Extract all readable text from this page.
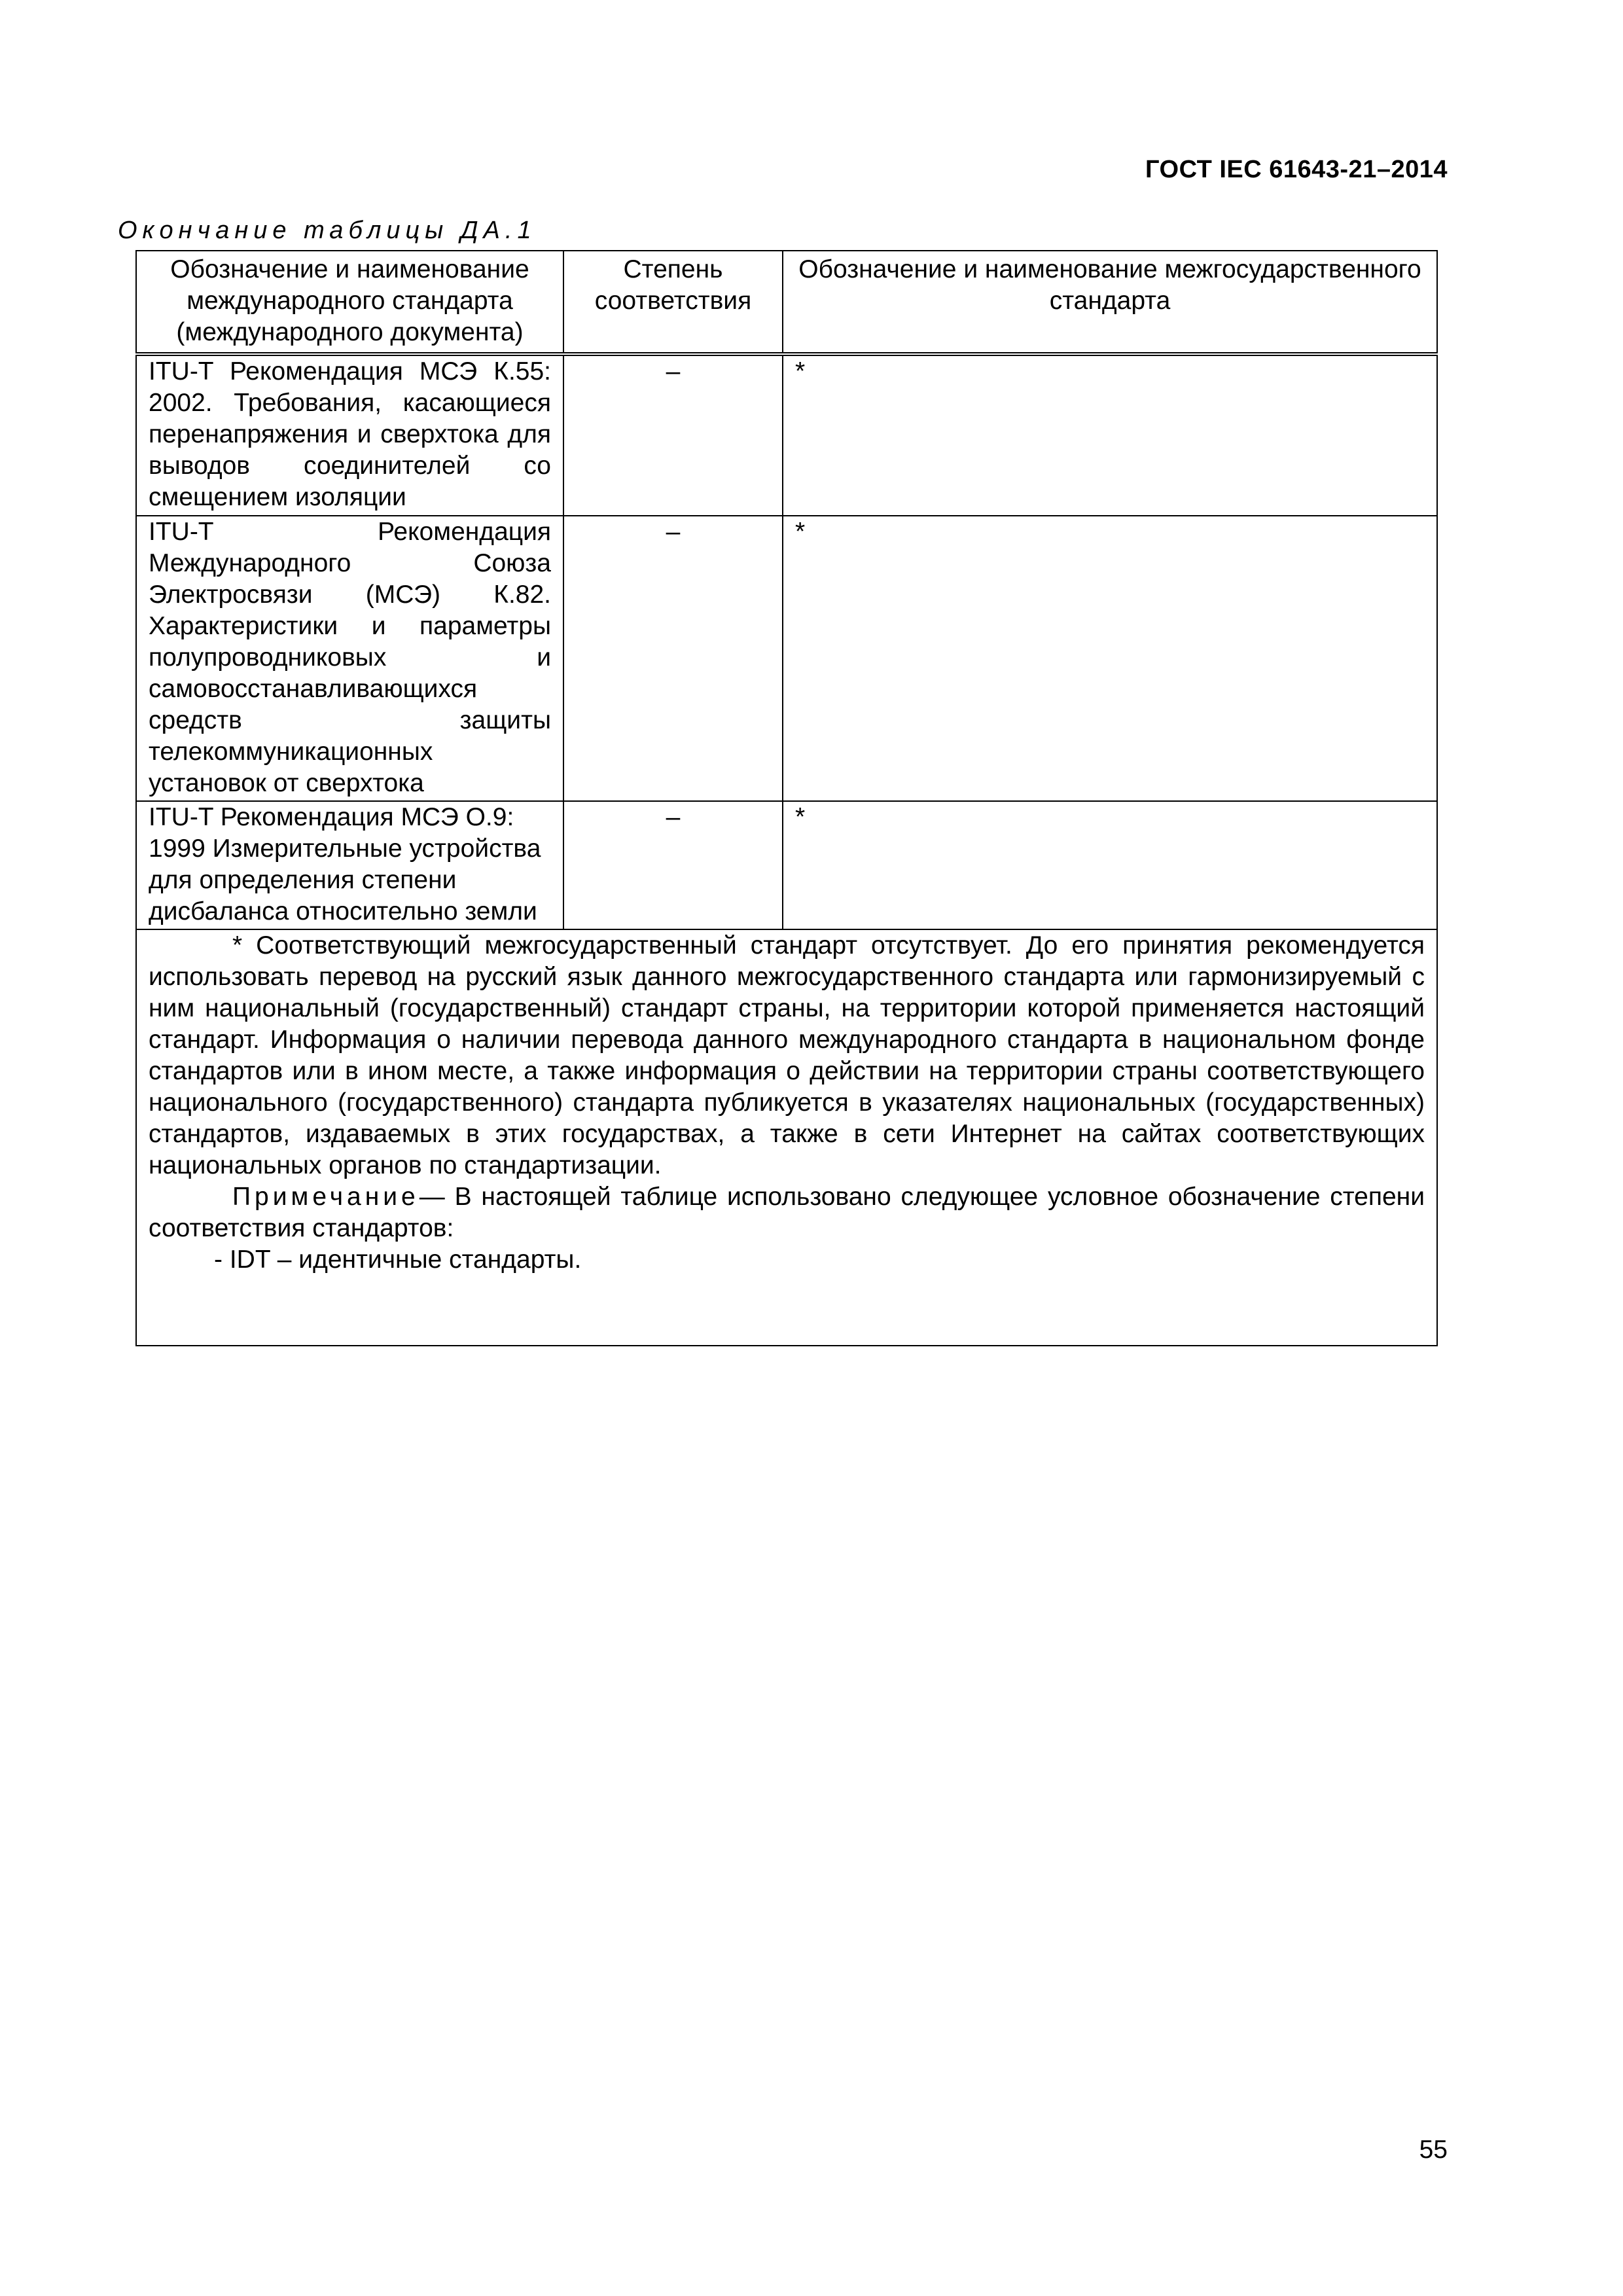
ГОСТ IEC 61643-21–2014
Окончание таблицы ДА.1
Обозначение и наименование международного стандарта (международного документа)	Степень соответствия	Обозначение и наименование межгосударственного стандарта
ITU-T Рекомендация МСЭ К.55: 2002. Требования, касающиеся перенапряжения и сверхтока для выводов соединителей со смещением изоляции	–	*
ITU-T Рекомендация Международного Союза Электросвязи (МСЭ) К.82. Характеристики и параметры полупроводниковых и самовосстанавливающихся средств защиты телекоммуникационных установок от сверхтока	–	*
ITU-T Рекомендация МСЭ О.9: 1999 Измерительные устройства для определения степени дисбаланса относительно земли	–	*

* Соответствующий межгосударственный стандарт отсутствует. До его принятия рекомендуется использовать перевод на русский язык данного межгосударственного стандарта или гармонизируемый с ним национальный (государственный) стандарт страны, на территории которой применяется настоящий стандарт. Информация о наличии перевода данного международного стандарта в национальном фонде стандартов или в ином месте, а также информация о действии на территории страны соответствующего национального (государственного) стандарта публикуется в указателях национальных (государственных) стандартов, издаваемых в этих государствах, а также в сети Интернет на сайтах соответствующих национальных органов по стандартизации.
Примечание— В настоящей таблице использовано следующее условное обозначение степени соответствия стандартов:
- IDT – идентичные стандарты.		
55
